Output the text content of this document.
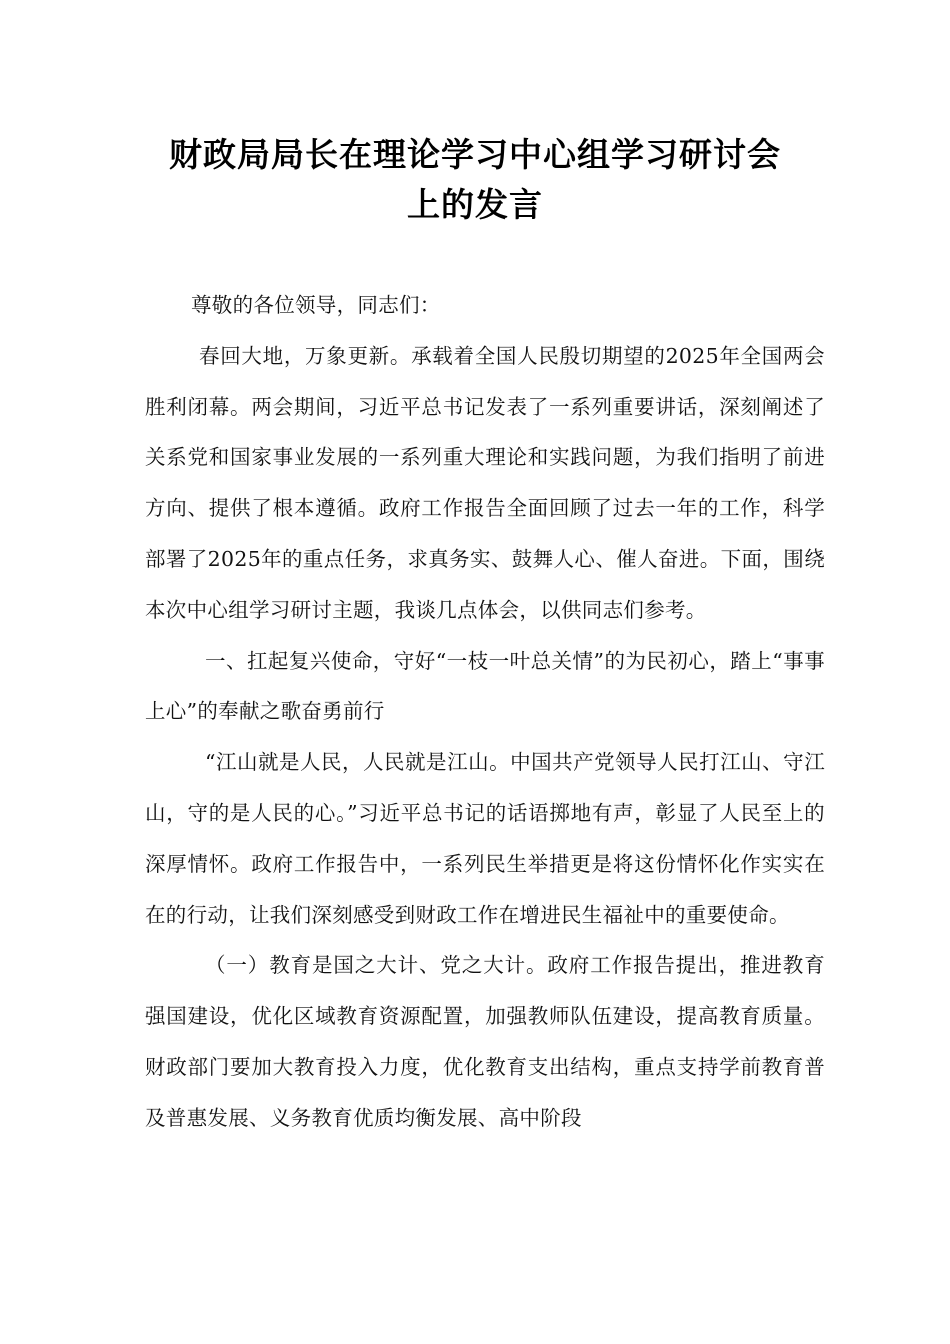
财政局局长在理论学习中心组学习研讨会
上的发言

尊敬的各位领导，同志们：

春回大地，万象更新。承载着全国人民殷切期望的2025年全国两会胜利闭幕。两会期间，习近平总书记发表了一系列重要讲话，深刻阐述了关系党和国家事业发展的一系列重大理论和实践问题，为我们指明了前进方向、提供了根本遵循。政府工作报告全面回顾了过去一年的工作，科学部署了2025年的重点任务，求真务实、鼓舞人心、催人奋进。下面，围绕本次中心组学习研讨主题，我谈几点体会，以供同志们参考。

一、扛起复兴使命，守好“一枝一叶总关情”的为民初心，踏上“事事上心”的奉献之歌奋勇前行

“江山就是人民，人民就是江山。中国共产党领导人民打江山、守江山，守的是人民的心。”习近平总书记的话语掷地有声，彰显了人民至上的深厚情怀。政府工作报告中，一系列民生举措更是将这份情怀化作实实在在的行动，让我们深刻感受到财政工作在增进民生福祉中的重要使命。

（一）教育是国之大计、党之大计。政府工作报告提出，推进教育强国建设，优化区域教育资源配置，加强教师队伍建设，提高教育质量。财政部门要加大教育投入力度，优化教育支出结构，重点支持学前教育普及普惠发展、义务教育优质均衡发展、高中阶段
